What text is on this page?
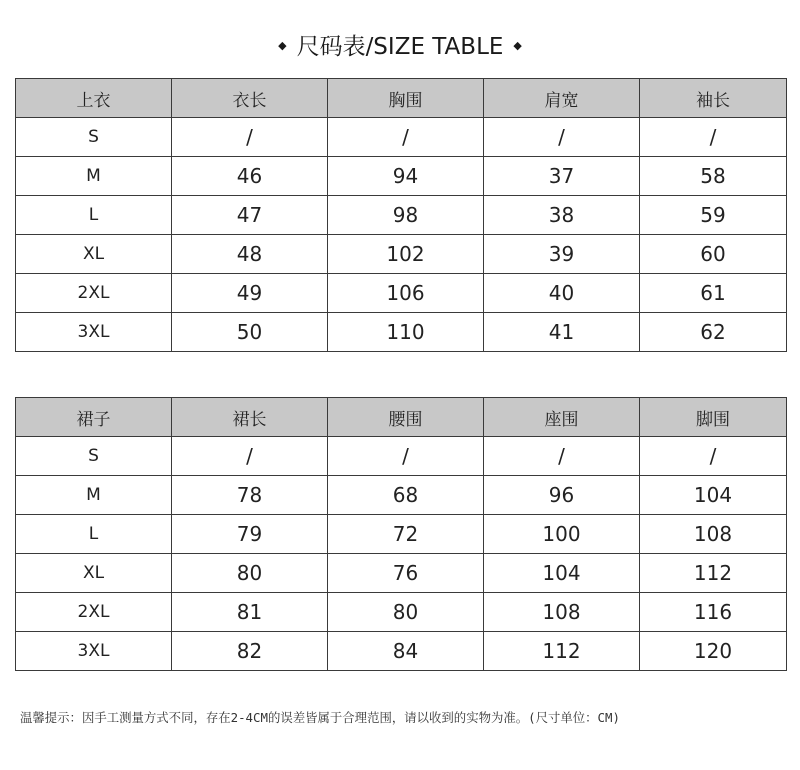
◆ 尺码表/SIZE TABLE ◆
上衣	衣长	胸围	肩宽	袖长
S	/	/	/	/
M	46	94	37	58
L	47	98	38	59
XL	48	102	39	60
2XL	49	106	40	61
3XL	50	110	41	62
裙子	裙长	腰围	座围	脚围
S	/	/	/	/
M	78	68	96	104
L	79	72	100	108
XL	80	76	104	112
2XL	81	80	108	116
3XL	82	84	112	120
温馨提示：因手工测量方式不同，存在2-4CM的误差皆属于合理范围，请以收到的实物为准。(尺寸单位：CM)
